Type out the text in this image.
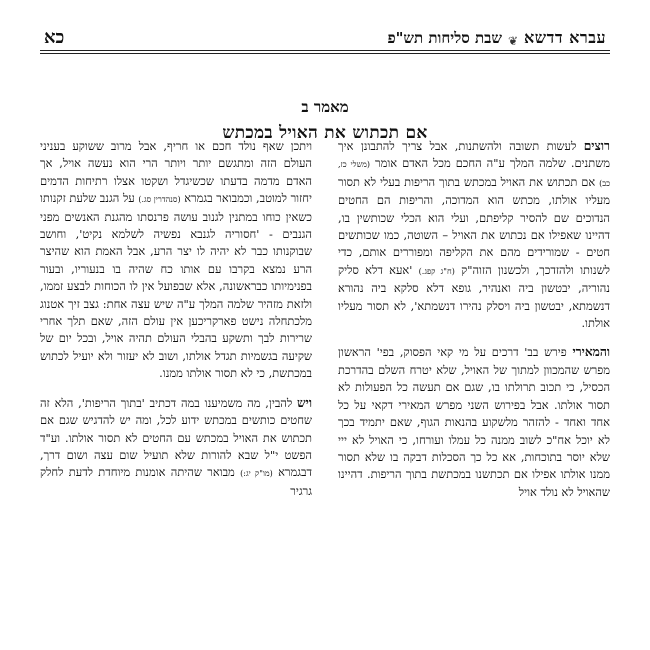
עברא דדשא
❦
שבת סליחות תש"פ
כא
מאמר ב
אם תכתוש את האויל במכתש

רוצים לעשות תשובה ולהשתנות, אבל צריך להתבונן איך משתנים. שלמה המלך ע"ה החכם מכל האדם אומר (משלי כז, כב) אם תכתוש את האויל במכתש בתוך הריפות בעלי לא תסור מעליו אולתו, מכתש הוא המדוכה, והריפות הם החטים הנדוכים שם להסיר קליפתם, ועלי הוא הכלי שכותשין בו, דהיינו שאפילו אם נכתוש את האויל – השוטה, כמו שכותשים חטים - שמורידים מהם את הקליפה ומפוררים אותם, כדי לשנותו ולהזדכך, ולכשנון הזוה"ק (ח"ג קפג.) 'אעא דלא סליק נהוריה, יבטשון ביה ואנהיר, גופא דלא סלקא ביה נהורא דנשמתא, יבטשון ביה ויסלק נהירו דנשמתא', לא תסור מעליו אולתו.

והמאירי פירש בב' דרכים על מי קאי הפסוק, בפי' הראשון מפרש שהמכוון למתוך של האויל, שלא יטרח השלם בהדרכת הכסיל, כי תכוב תרולתו בו, שגם אם תעשה כל הפעולות לא תסור אולתו. אבל בפירוש השני מפרש המאירי דקאי על כל אחד ואחד - להזהר מלשקוע בהנאות הגוף, שאם יתמיד בכך לא יוכל אח"כ לשוב ממנה כל עמלו ועורחו, כי האויל לא ייי שלא יוסר בתוכחות, אא כל כך הסכלות דבקה בו שלא תסור ממנו אולתו אפילו אם תכתשנו במכתשת בתוך הריפות. דהיינו שהאויל לא נולד אויל

ויתכן שאף נולד חכם או חריף, אבל מרוב ששוקע בעניני העולם הזה ומתגשם יותר ויותר הרי הוא נעשה אויל, אך האדם מדמה בדעתו שכשיגדל ושקטו אצלו רתיחות הדמים יחזור למוטב, וכמבואר בגמרא (סנהדרין סג.) על הגנב שלעת זקנותו כשאין כוחו במתנין לגנוב עושה פרנסתו מהגנת האנשים מפני הגנבים - 'חסוריה לגנבא נפשיה לשלמא נקיט', וחושב שבוקנותו כבר לא יהיה לו יצר הרע, אבל האמת הוא שהיצר הרע נמצא בקרבו עם אותו כח שהיה בו בנעוריו, ובעור בפנימיותו כבראשונה, אלא שבפועל אין לו הכוחות לבצע זממו, ולזאת מזהיר שלמה המלך ע"ה שיש עצה אחת: גצב זיך אטנוג מלכתחלה נישט פארקריכען אין עולם הזה, שאם תלך אחרי שרירות לבך ותשקע בהבלי העולם תהיה אויל, ובכל יום של שקיעה בגשמיות תגדל אולתו, ושוב לא יעזור ולא יועיל לכתוש במכתשת, כי לא תסור אולתו ממנו.

ויש להבין, מה משמיענו במה דכתיב 'בתוך הריפות', הלא זה שחטים כותשים במכתש ידוע לכל, ומה יש להדגיש שגם אם תכתוש את האויל במכתש עם החטים לא תסור אולתו. וע"ד הפשט י"ל שבא להורות שלא תועיל שום עצה ושום דרך, דבגמרא (מו"ק יג:) מבואר שהיתה אומנות מיוחדת לדעת לחלק גרגיר
